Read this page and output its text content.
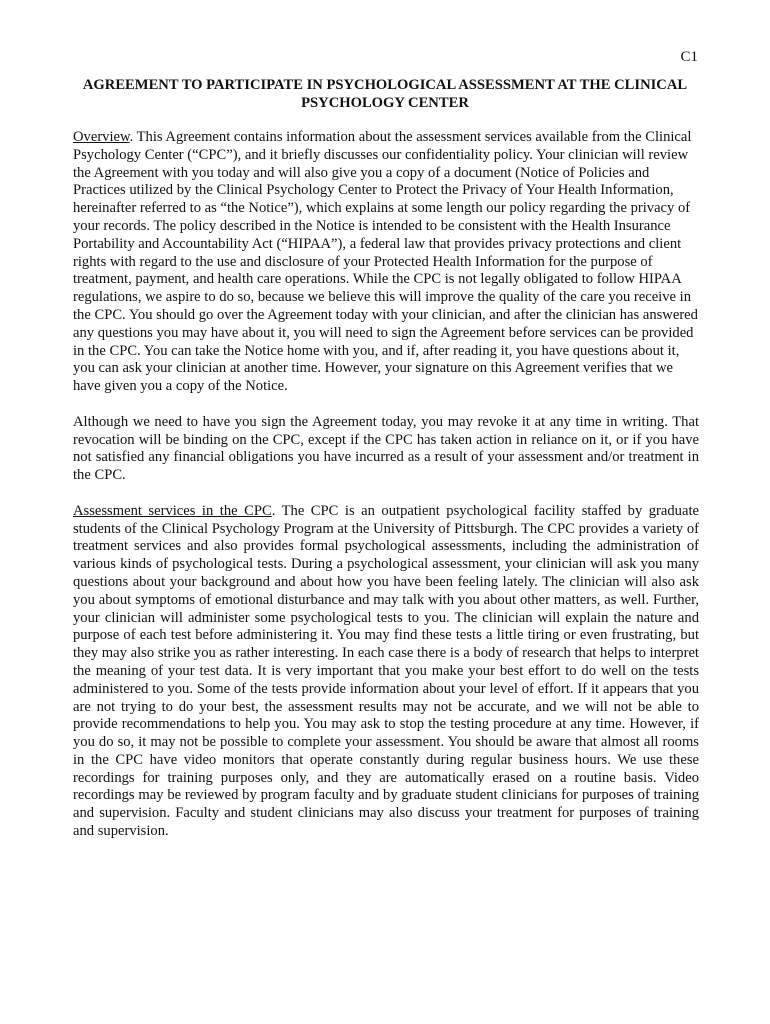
C1
AGREEMENT TO PARTICIPATE IN PSYCHOLOGICAL ASSESSMENT AT THE CLINICAL PSYCHOLOGY CENTER

Overview. This Agreement contains information about the assessment services available from the Clinical Psychology Center (“CPC”), and it briefly discusses our confidentiality policy. Your clinician will review the Agreement with you today and will also give you a copy of a document (Notice of Policies and Practices utilized by the Clinical Psychology Center to Protect the Privacy of Your Health Information, hereinafter referred to as “the Notice”), which explains at some length our policy regarding the privacy of your records. The policy described in the Notice is intended to be consistent with the Health Insurance Portability and Accountability Act (“HIPAA”), a federal law that provides privacy protections and client rights with regard to the use and disclosure of your Protected Health Information for the purpose of treatment, payment, and health care operations. While the CPC is not legally obligated to follow HIPAA regulations, we aspire to do so, because we believe this will improve the quality of the care you receive in the CPC. You should go over the Agreement today with your clinician, and after the clinician has answered any questions you may have about it, you will need to sign the Agreement before services can be provided in the CPC. You can take the Notice home with you, and if, after reading it, you have questions about it, you can ask your clinician at another time. However, your signature on this Agreement verifies that we have given you a copy of the Notice.

Although we need to have you sign the Agreement today, you may revoke it at any time in writing. That revocation will be binding on the CPC, except if the CPC has taken action in reliance on it, or if you have not satisfied any financial obligations you have incurred as a result of your assessment and/or treatment in the CPC.

Assessment services in the CPC. The CPC is an outpatient psychological facility staffed by graduate students of the Clinical Psychology Program at the University of Pittsburgh. The CPC provides a variety of treatment services and also provides formal psychological assessments, including the administration of various kinds of psychological tests. During a psychological assessment, your clinician will ask you many questions about your background and about how you have been feeling lately. The clinician will also ask you about symptoms of emotional disturbance and may talk with you about other matters, as well. Further, your clinician will administer some psychological tests to you. The clinician will explain the nature and purpose of each test before administering it. You may find these tests a little tiring or even frustrating, but they may also strike you as rather interesting. In each case there is a body of research that helps to interpret the meaning of your test data. It is very important that you make your best effort to do well on the tests administered to you. Some of the tests provide information about your level of effort. If it appears that you are not trying to do your best, the assessment results may not be accurate, and we will not be able to provide recommendations to help you. You may ask to stop the testing procedure at any time. However, if you do so, it may not be possible to complete your assessment. You should be aware that almost all rooms in the CPC have video monitors that operate constantly during regular business hours. We use these recordings for training purposes only, and they are automatically erased on a routine basis. Video recordings may be reviewed by program faculty and by graduate student clinicians for purposes of training and supervision. Faculty and student clinicians may also discuss your treatment for purposes of training and supervision.
